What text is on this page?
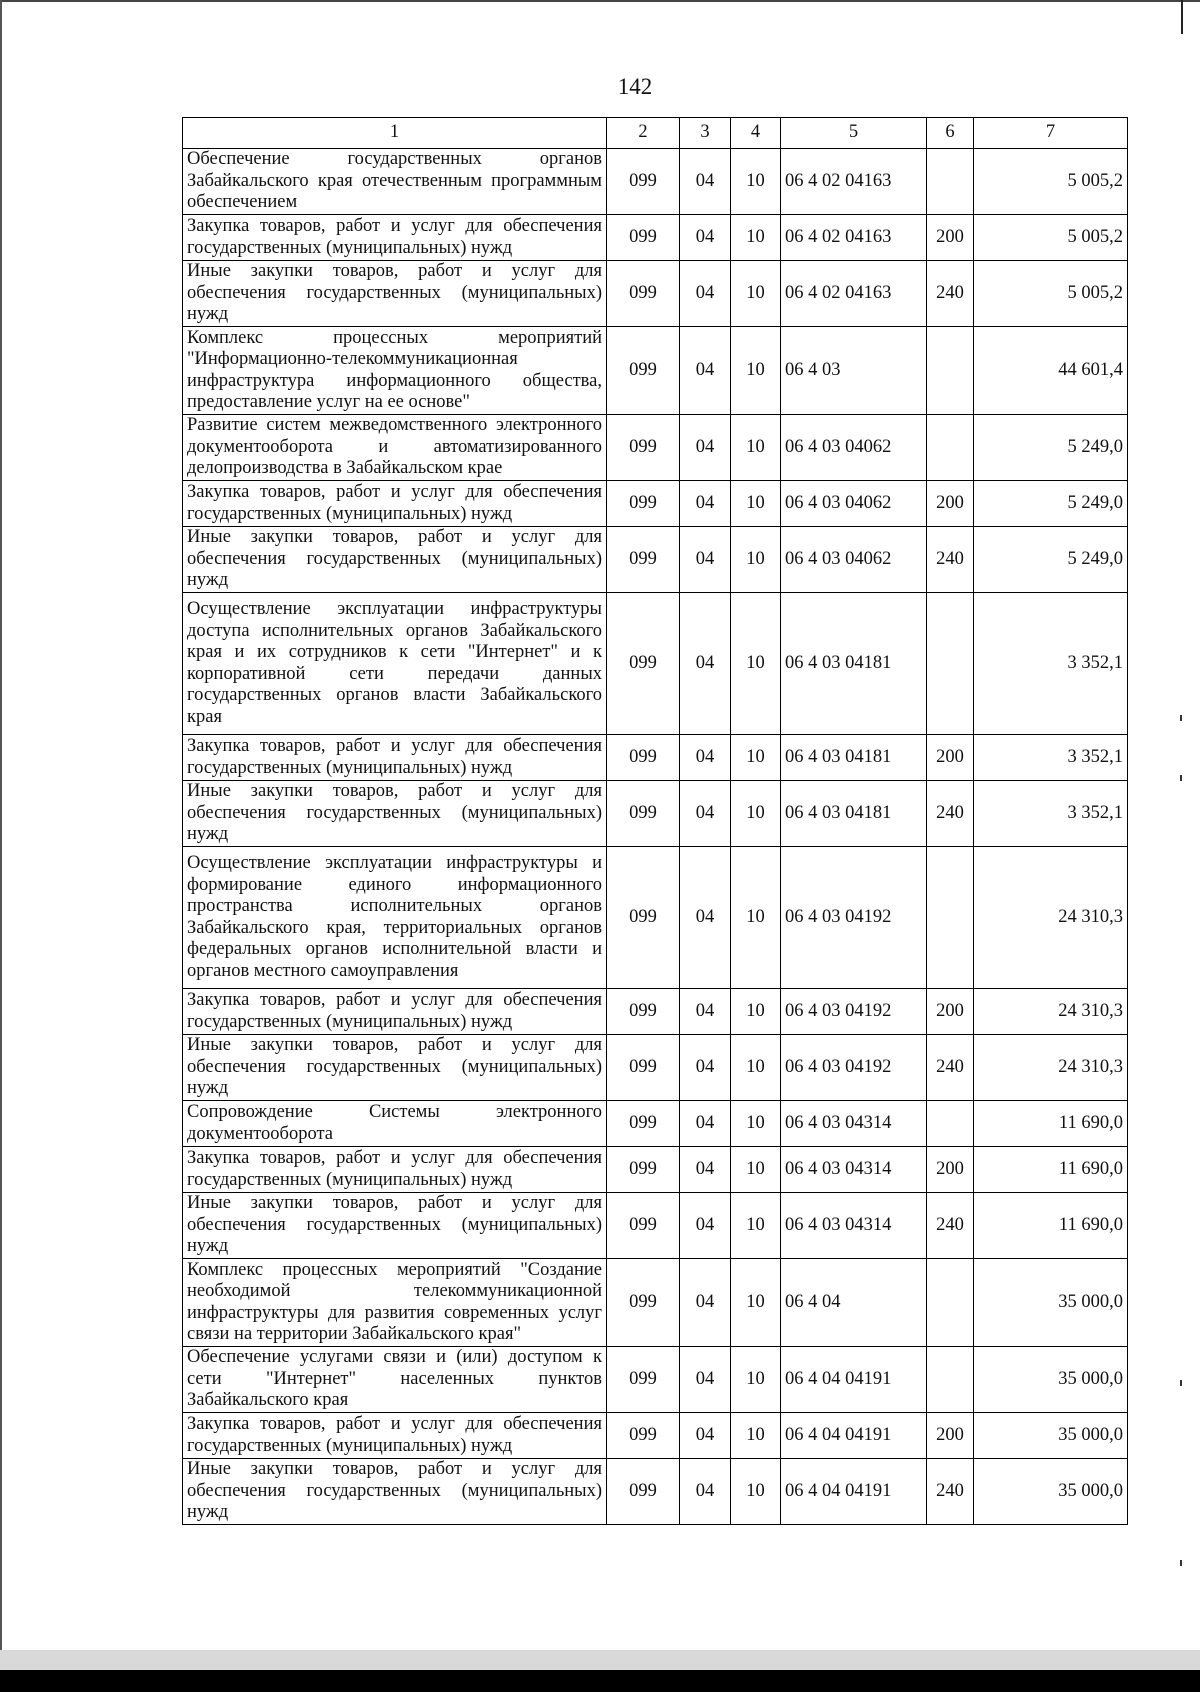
142
1	2	3	4	5	6	7
Обеспечение государственных органов Забайкальского края отечественным программным обеспечением	099	04	10	06 4 02 04163		5 005,2
Закупка товаров, работ и услуг для обеспечения государственных (муниципальных) нужд	099	04	10	06 4 02 04163	200	5 005,2
Иные закупки товаров, работ и услуг для обеспечения государственных (муниципальных) нужд	099	04	10	06 4 02 04163	240	5 005,2
Комплекс процессных мероприятий "Информационно-телекоммуникационная инфраструктура информационного общества, предоставление услуг на ее основе"	099	04	10	06 4 03		44 601,4
Развитие систем межведомственного электронного документооборота и автоматизированного делопроизводства в Забайкальском крае	099	04	10	06 4 03 04062		5 249,0
Закупка товаров, работ и услуг для обеспечения государственных (муниципальных) нужд	099	04	10	06 4 03 04062	200	5 249,0
Иные закупки товаров, работ и услуг для обеспечения государственных (муниципальных) нужд	099	04	10	06 4 03 04062	240	5 249,0
Осуществление эксплуатации инфраструктуры доступа исполнительных органов Забайкальского края и их сотрудников к сети "Интернет" и к корпоративной сети передачи данных государственных органов власти Забайкальского края	099	04	10	06 4 03 04181		3 352,1
Закупка товаров, работ и услуг для обеспечения государственных (муниципальных) нужд	099	04	10	06 4 03 04181	200	3 352,1
Иные закупки товаров, работ и услуг для обеспечения государственных (муниципальных) нужд	099	04	10	06 4 03 04181	240	3 352,1
Осуществление эксплуатации инфраструктуры и формирование единого информационного пространства исполнительных органов Забайкальского края, территориальных органов федеральных органов исполнительной власти и органов местного самоуправления	099	04	10	06 4 03 04192		24 310,3
Закупка товаров, работ и услуг для обеспечения государственных (муниципальных) нужд	099	04	10	06 4 03 04192	200	24 310,3
Иные закупки товаров, работ и услуг для обеспечения государственных (муниципальных) нужд	099	04	10	06 4 03 04192	240	24 310,3
Сопровождение Системы электронного документооборота	099	04	10	06 4 03 04314		11 690,0
Закупка товаров, работ и услуг для обеспечения государственных (муниципальных) нужд	099	04	10	06 4 03 04314	200	11 690,0
Иные закупки товаров, работ и услуг для обеспечения государственных (муниципальных) нужд	099	04	10	06 4 03 04314	240	11 690,0
Комплекс процессных мероприятий "Создание необходимой телекоммуникационной инфраструктуры для развития современных услуг связи на территории Забайкальского края"	099	04	10	06 4 04		35 000,0
Обеспечение услугами связи и (или) доступом к сети "Интернет" населенных пунктов Забайкальского края	099	04	10	06 4 04 04191		35 000,0
Закупка товаров, работ и услуг для обеспечения государственных (муниципальных) нужд	099	04	10	06 4 04 04191	200	35 000,0
Иные закупки товаров, работ и услуг для обеспечения государственных (муниципальных) нужд	099	04	10	06 4 04 04191	240	35 000,0
